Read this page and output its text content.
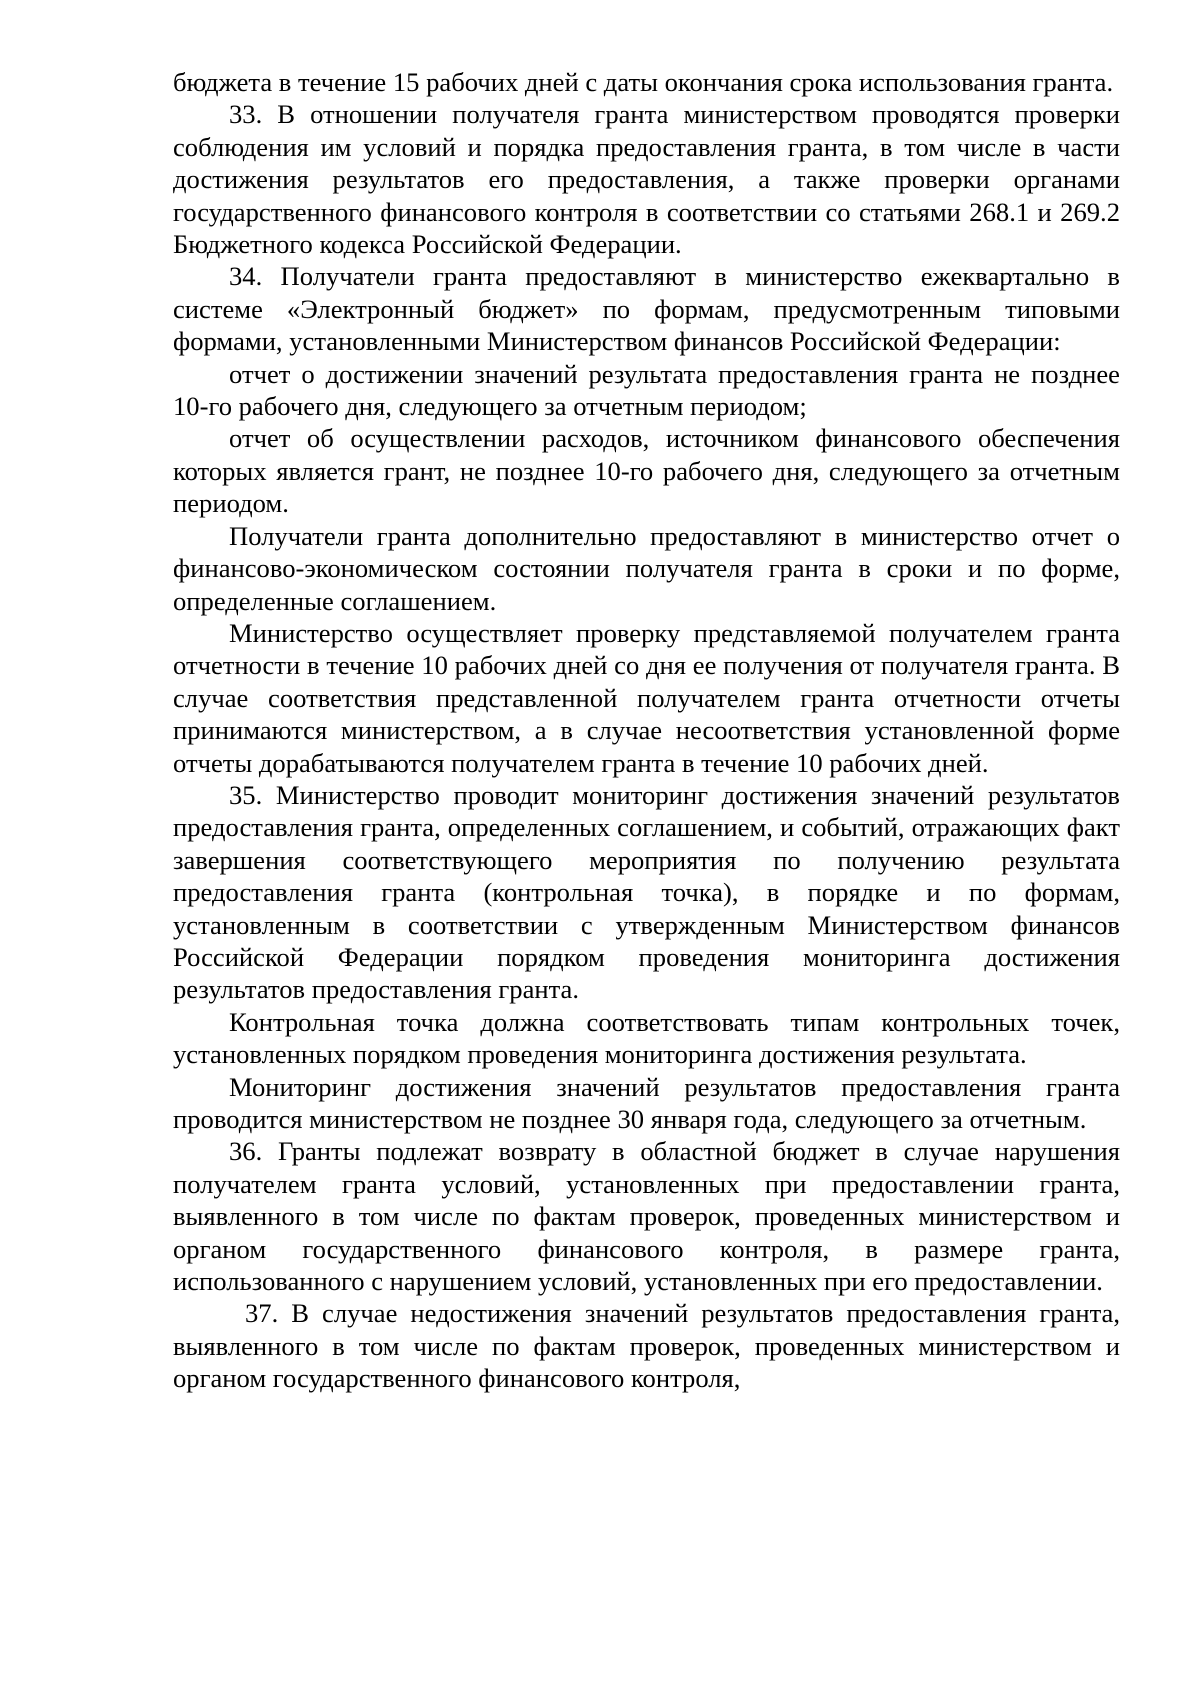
бюджета в течение 15 рабочих дней с даты окончания срока использования гранта.

33. В отношении получателя гранта министерством проводятся проверки соблюдения им условий и порядка предоставления гранта, в том числе в части достижения результатов его предоставления, а также проверки органами государственного финансового контроля в соответствии со статьями 268.1 и 269.2 Бюджетного кодекса Российской Федерации.

34. Получатели гранта предоставляют в министерство ежеквартально в системе «Электронный бюджет» по формам, предусмотренным типовыми формами, установленными Министерством финансов Российской Федерации:

отчет о достижении значений результата предоставления гранта не позднее 10-го рабочего дня, следующего за отчетным периодом;

отчет об осуществлении расходов, источником финансового обеспечения которых является грант, не позднее 10-го рабочего дня, следующего за отчетным периодом.

Получатели гранта дополнительно предоставляют в министерство отчет о финансово-экономическом состоянии получателя гранта в сроки и по форме, определенные соглашением.

Министерство осуществляет проверку представляемой получателем гранта отчетности в течение 10 рабочих дней со дня ее получения от получателя гранта. В случае соответствия представленной получателем гранта отчетности отчеты принимаются министерством, а в случае несоответствия установленной форме отчеты дорабатываются получателем гранта в течение 10 рабочих дней.

35. Министерство проводит мониторинг достижения значений результатов предоставления гранта, определенных соглашением, и событий, отражающих факт завершения соответствующего мероприятия по получению результата предоставления гранта (контрольная точка), в порядке и по формам, установленным в соответствии с утвержденным Министерством финансов Российской Федерации порядком проведения мониторинга достижения результатов предоставления гранта.

Контрольная точка должна соответствовать типам контрольных точек, установленных порядком проведения мониторинга достижения результата.

Мониторинг достижения значений результатов предоставления гранта проводится министерством не позднее 30 января года, следующего за отчетным.

36. Гранты подлежат возврату в областной бюджет в случае нарушения получателем гранта условий, установленных при предоставлении гранта, выявленного в том числе по фактам проверок, проведенных министерством и органом государственного финансового контроля, в размере гранта, использованного с нарушением условий, установленных при его предоставлении.

37. В случае недостижения значений результатов предоставления гранта, выявленного в том числе по фактам проверок, проведенных министерством и органом государственного финансового контроля,
